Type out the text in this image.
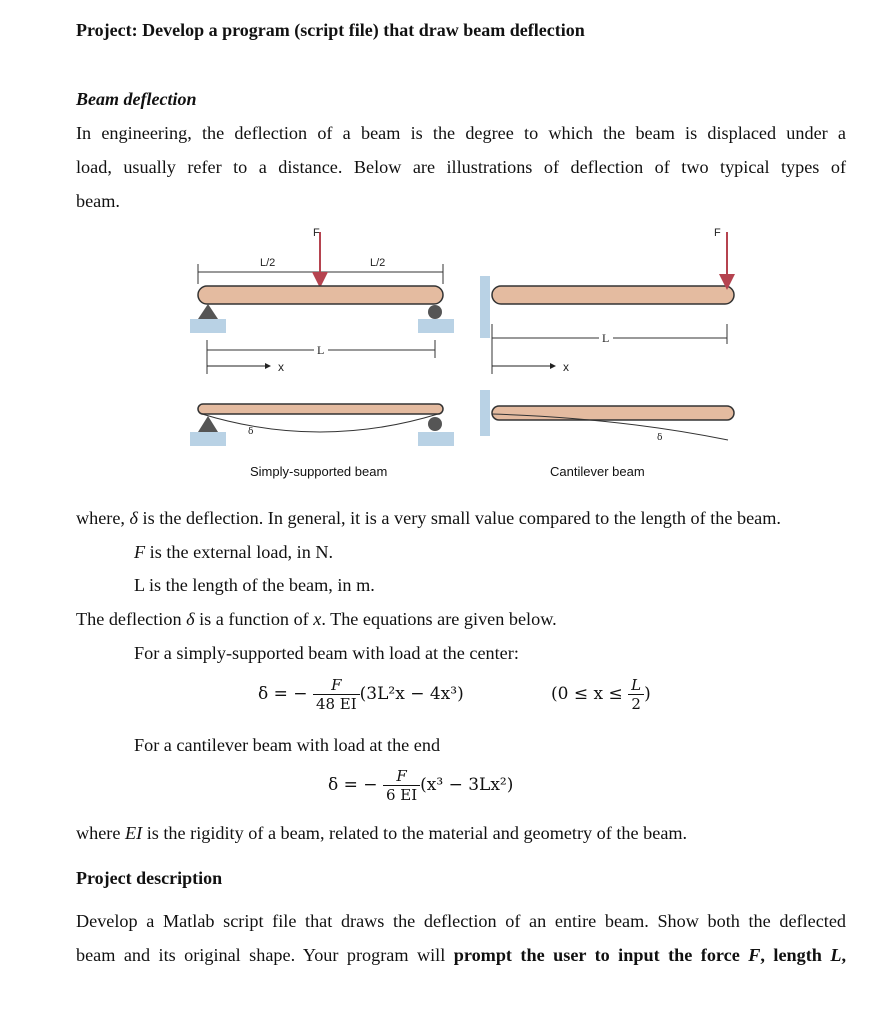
Project: Develop a program (script file) that draw beam deflection
Beam deflection
In engineering, the deflection of a beam is the degree to which the beam is displaced under a
load, usually refer to a distance. Below are illustrations of deflection of two typical types of
beam.
L/2	L/2
F
L
x
δ
Simply-supported beam
F
L
x
δ
Cantilever beam
where, δ is the deflection. In general, it is a very small value compared to the length of the beam.
F is the external load, in N.
L is the length of the beam, in m.
The deflection δ is a function of x. The equations are given below.
For a simply-supported beam with load at the center:
δ = − $\frac{F}{48 EI} (3L^2x - 4x^3)$	($0 \le x \le \frac{L}{2}$ )
For a cantilever beam with load at the end
δ = − $\frac{F}{6 EI} (x^3 - 3Lx^2)$
where EI is the rigidity of a beam, related to the material and geometry of the beam.
Project description
Develop a Matlab script file that draws the deflection of an entire beam. Show both the deflected
beam and its original shape. Your program will prompt the user to input the force F, length L,
